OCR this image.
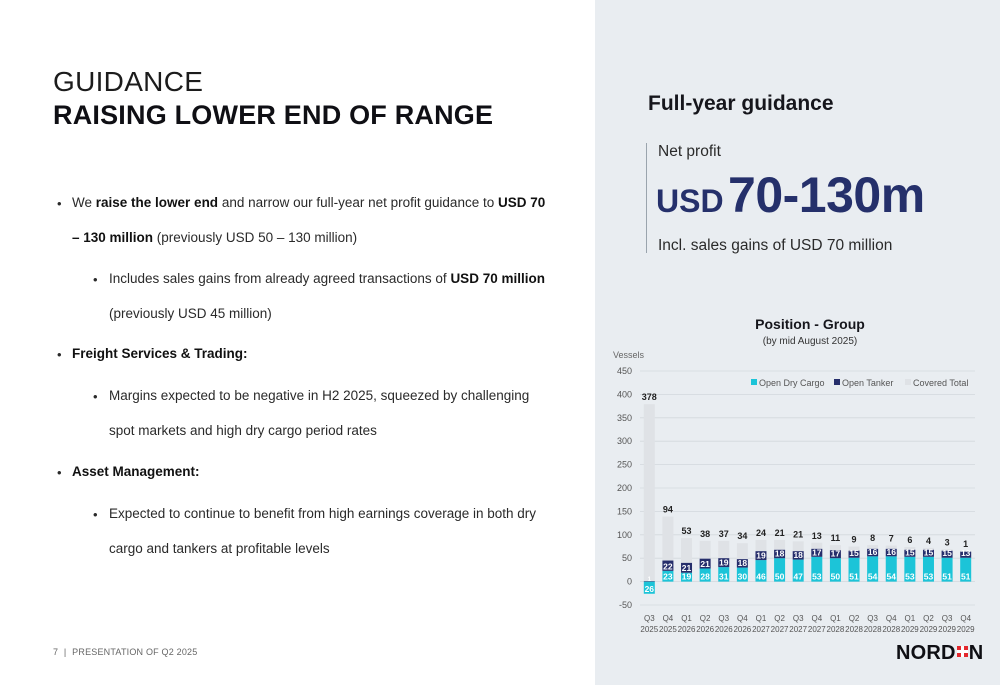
GUIDANCE
RAISING LOWER END OF RANGE
• We raise the lower end and narrow our full-year net profit guidance to USD 70
– 130 million (previously USD 50 – 130 million)
• Includes sales gains from already agreed transactions of USD 70 million
(previously USD 45 million)
• Freight Services & Trading:
• Margins expected to be negative in H2 2025, squeezed by challenging
spot markets and high dry cargo period rates
• Asset Management:
• Expected to continue to benefit from high earnings coverage in both dry
cargo and tankers at profitable levels
7 | PRESENTATION OF Q2 2025
Full-year guidance
Net profit
USD 70-130m
Incl. sales gains of USD 70 million
Position - Group
(by mid August 2025)
Vessels
-50
0
50
100
150
200
250
300
350
400
450
Open Dry Cargo Open Tanker Covered Total
378
26
1
Q3
2025
94
23
22
Q4
2025
53
19
21
Q1
2026
38
28
21
Q2
2026
37
31
19
Q3
2026
34
30
18
Q4
2026
24
46
19
Q1
2027
21
50
18
Q2
2027
21
47
18
Q3
2027
13
53
17
Q4
2027
11
50
17
Q1
2028
9
51
15
Q2
2028
8
54
16
Q3
2028
7
54
16
Q4
2028
6
53
15
Q1
2029
4
53
15
Q2
2029
3
51
15
Q3
2029
1
51
13
Q4
2029
NORD N
